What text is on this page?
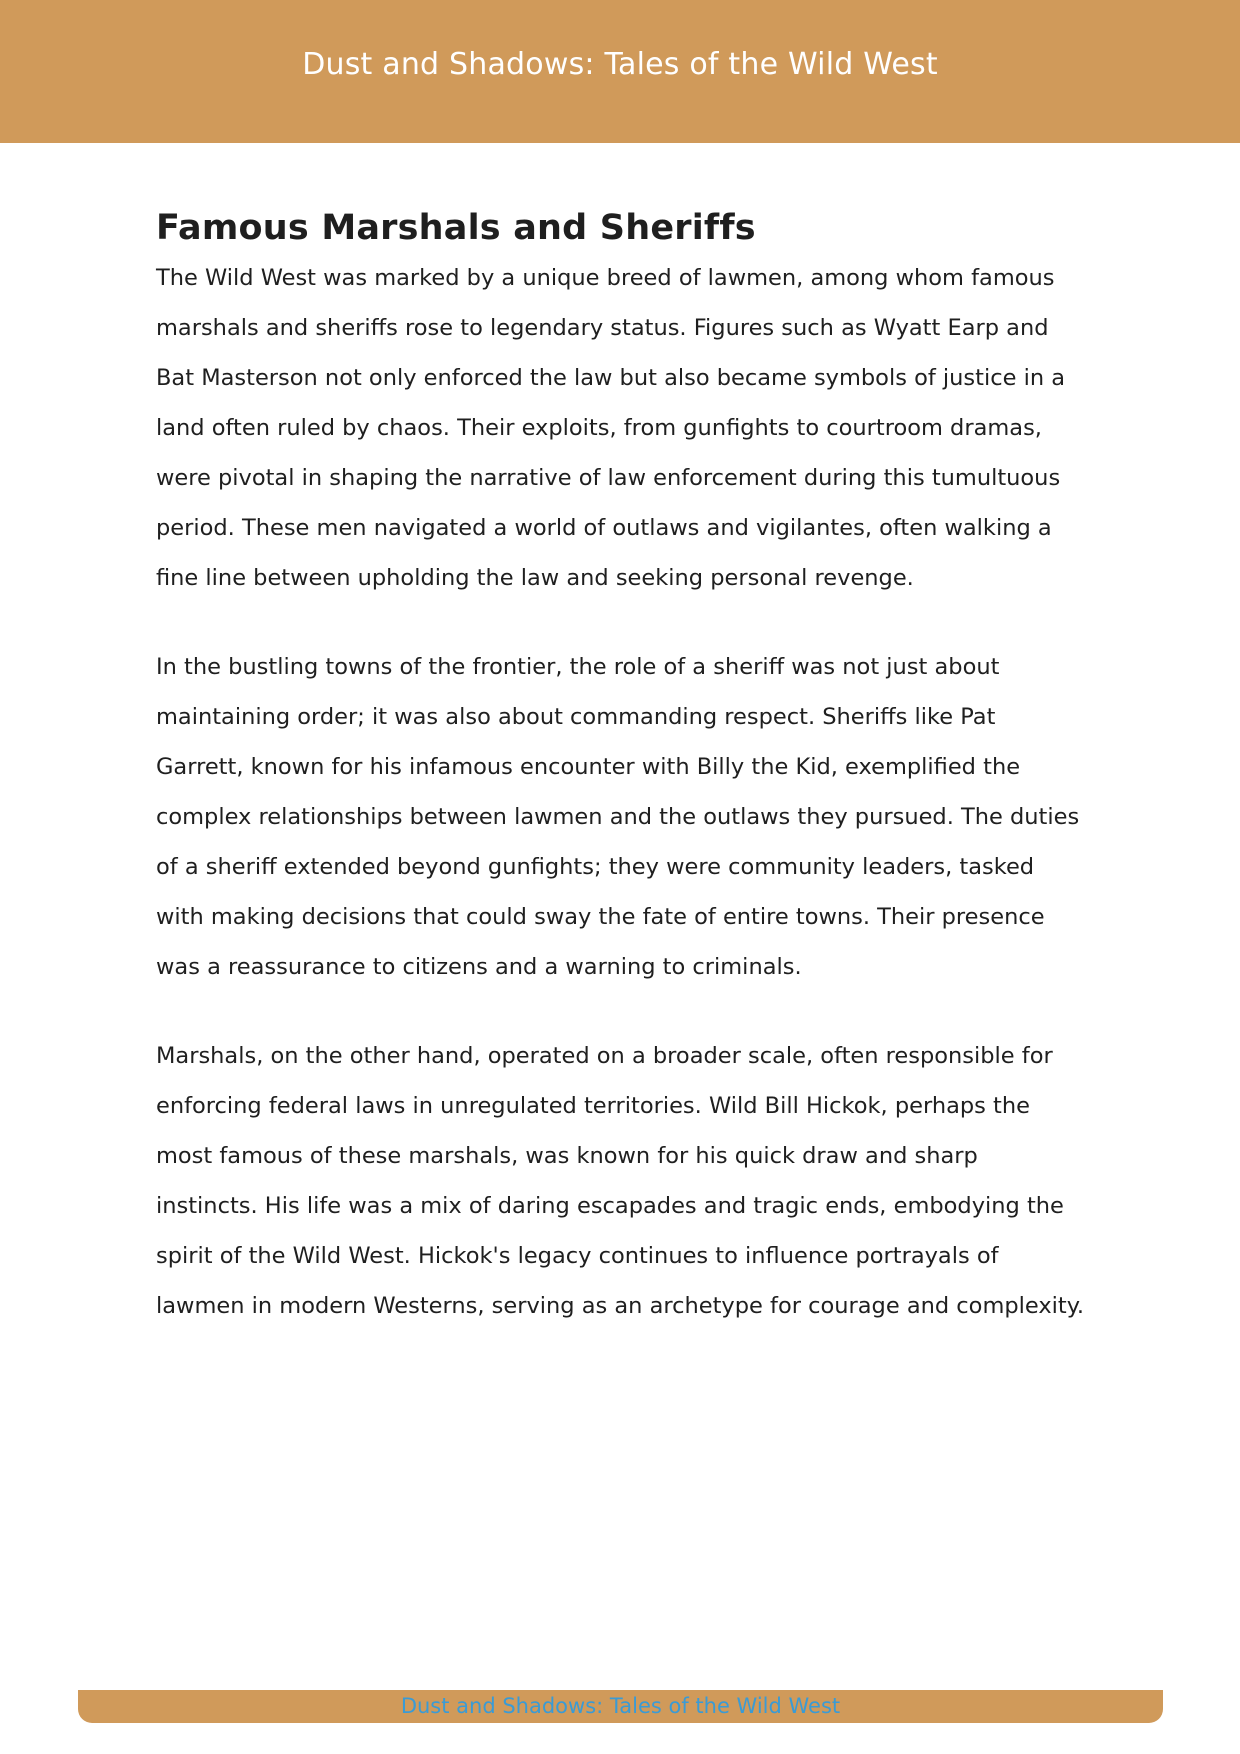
Dust and Shadows: Tales of the Wild West
Famous Marshals and Sheriffs

The Wild West was marked by a unique breed of lawmen, among whom famous marshals and sheriffs rose to legendary status. Figures such as Wyatt Earp and Bat Masterson not only enforced the law but also became symbols of justice in a land often ruled by chaos. Their exploits, from gunfights to courtroom dramas, were pivotal in shaping the narrative of law enforcement during this tumultuous period. These men navigated a world of outlaws and vigilantes, often walking a fine line between upholding the law and seeking personal revenge.

In the bustling towns of the frontier, the role of a sheriff was not just about maintaining order; it was also about commanding respect. Sheriffs like Pat Garrett, known for his infamous encounter with Billy the Kid, exemplified the complex relationships between lawmen and the outlaws they pursued. The duties of a sheriff extended beyond gunfights; they were community leaders, tasked with making decisions that could sway the fate of entire towns. Their presence was a reassurance to citizens and a warning to criminals.

Marshals, on the other hand, operated on a broader scale, often responsible for enforcing federal laws in unregulated territories. Wild Bill Hickok, perhaps the most famous of these marshals, was known for his quick draw and sharp instincts. His life was a mix of daring escapades and tragic ends, embodying the spirit of the Wild West. Hickok's legacy continues to influence portrayals of lawmen in modern Westerns, serving as an archetype for courage and complexity.

Dust and Shadows: Tales of the Wild West
